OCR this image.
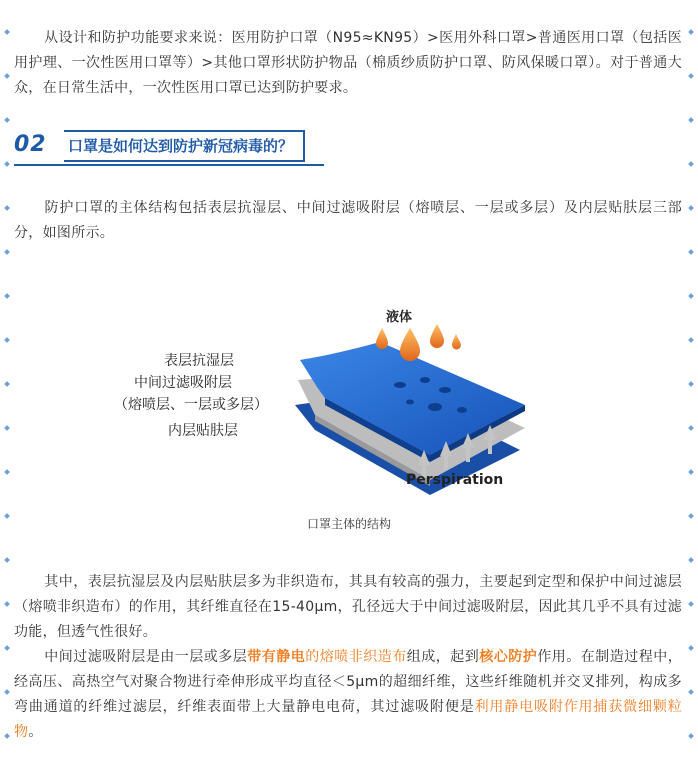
从设计和防护功能要求来说：医用防护口罩（N95≈KN95）>医用外科口罩>普通医用口罩（包括医用护理、一次性医用口罩等）>其他口罩形状防护物品（棉质纱质防护口罩、防风保暖口罩）。对于普通大众，在日常生活中，一次性医用口罩已达到防护要求。

02 口罩是如何达到防护新冠病毒的？

防护口罩的主体结构包括表层抗湿层、中间过滤吸附层（熔喷层、一层或多层）及内层贴肤层三部分，如图所示。

表层抗湿层
中间过滤吸附层
（熔喷层、一层或多层）
内层贴肤层
液体
Perspiration
口罩主体的结构

其中，表层抗湿层及内层贴肤层多为非织造布，其具有较高的强力，主要起到定型和保护中间过滤层（熔喷非织造布）的作用，其纤维直径在15-40μm，孔径远大于中间过滤吸附层，因此其几乎不具有过滤功能，但透气性很好。

中间过滤吸附层是由一层或多层带有静电的熔喷非织造布组成，起到核心防护作用。在制造过程中，经高压、高热空气对聚合物进行牵伸形成平均直径＜5μm的超细纤维，这些纤维随机并交叉排列，构成多弯曲通道的纤维过滤层，纤维表面带上大量静电电荷，其过滤吸附便是利用静电吸附作用捕获微细颗粒物。
